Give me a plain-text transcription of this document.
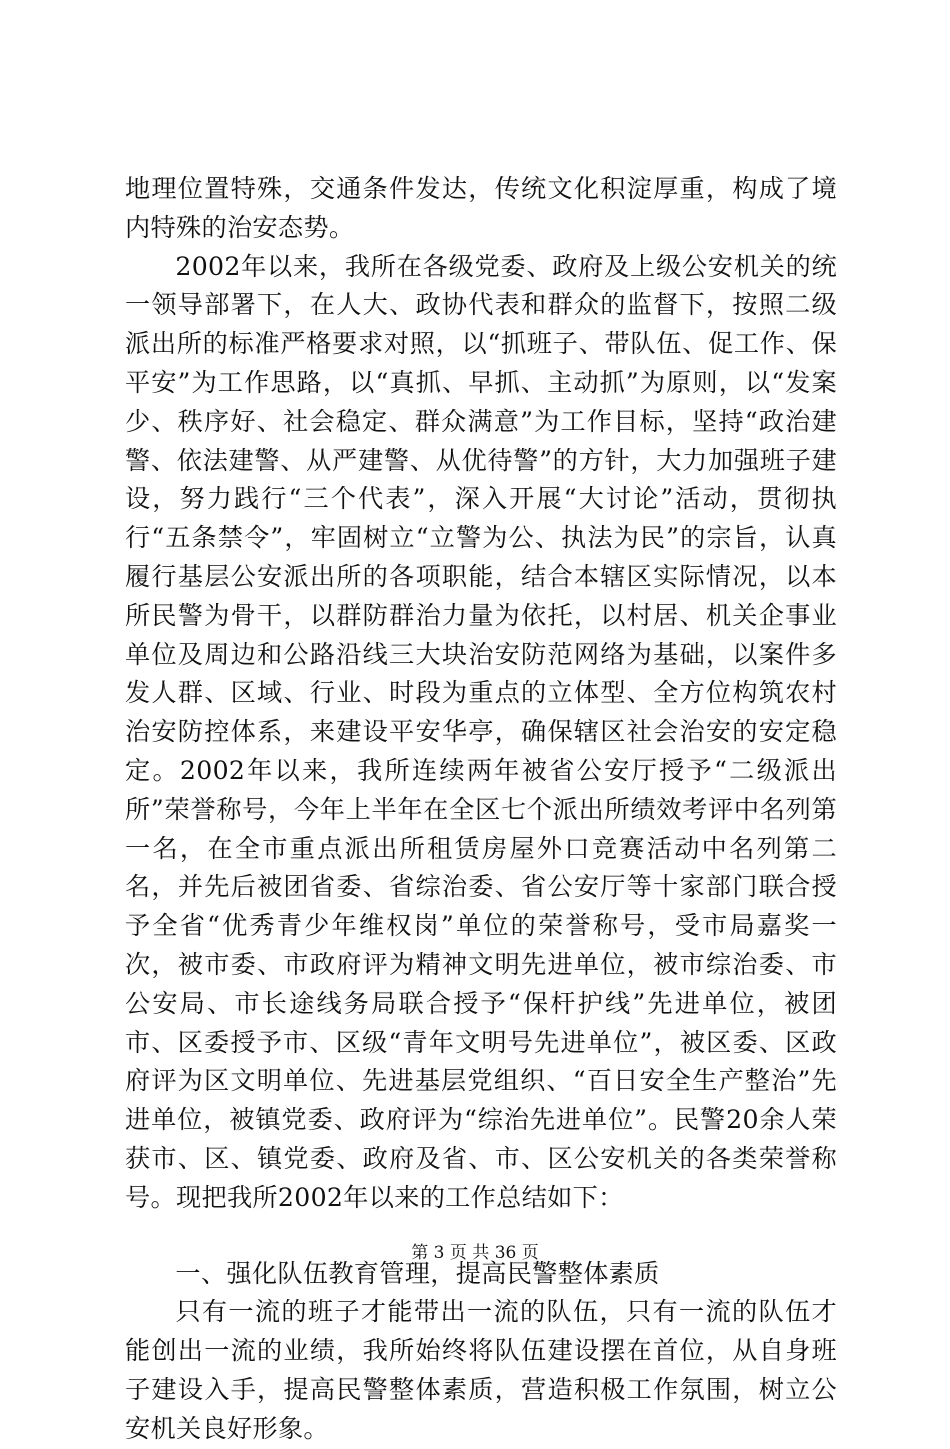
地理位置特殊，交通条件发达，传统文化积淀厚重，构成了境内特殊的治安态势。

2002年以来，我所在各级党委、政府及上级公安机关的统一领导部署下，在人大、政协代表和群众的监督下，按照二级派出所的标准严格要求对照，以“抓班子、带队伍、促工作、保平安”为工作思路，以“真抓、早抓、主动抓”为原则，以“发案少、秩序好、社会稳定、群众满意”为工作目标，坚持“政治建警、依法建警、从严建警、从优待警”的方针，大力加强班子建设，努力践行“三个代表”，深入开展“大讨论”活动，贯彻执行“五条禁令”，牢固树立“立警为公、执法为民”的宗旨，认真履行基层公安派出所的各项职能，结合本辖区实际情况，以本所民警为骨干，以群防群治力量为依托，以村居、机关企事业单位及周边和公路沿线三大块治安防范网络为基础，以案件多发人群、区域、行业、时段为重点的立体型、全方位构筑农村治安防控体系，来建设平安华亭，确保辖区社会治安的安定稳定。2002年以来，我所连续两年被省公安厅授予“二级派出所”荣誉称号，今年上半年在全区七个派出所绩效考评中名列第一名，在全市重点派出所租赁房屋外口竞赛活动中名列第二名，并先后被团省委、省综治委、省公安厅等十家部门联合授予全省“优秀青少年维权岗”单位的荣誉称号，受市局嘉奖一次，被市委、市政府评为精神文明先进单位，被市综治委、市公安局、市长途线务局联合授予“保杆护线”先进单位，被团市、区委授予市、区级“青年文明号先进单位”，被区委、区政府评为区文明单位、先进基层党组织、“百日安全生产整治”先进单位，被镇党委、政府评为“综治先进单位”。民警20余人荣获市、区、镇党委、政府及省、市、区公安机关的各类荣誉称号。现把我所2002年以来的工作总结如下：

一、强化队伍教育管理，提高民警整体素质

只有一流的班子才能带出一流的队伍，只有一流的队伍才能创出一流的业绩，我所始终将队伍建设摆在首位，从自身班子建设入手，提高民警整体素质，营造积极工作氛围，树立公安机关良好形象。

第 3 页 共 36 页
